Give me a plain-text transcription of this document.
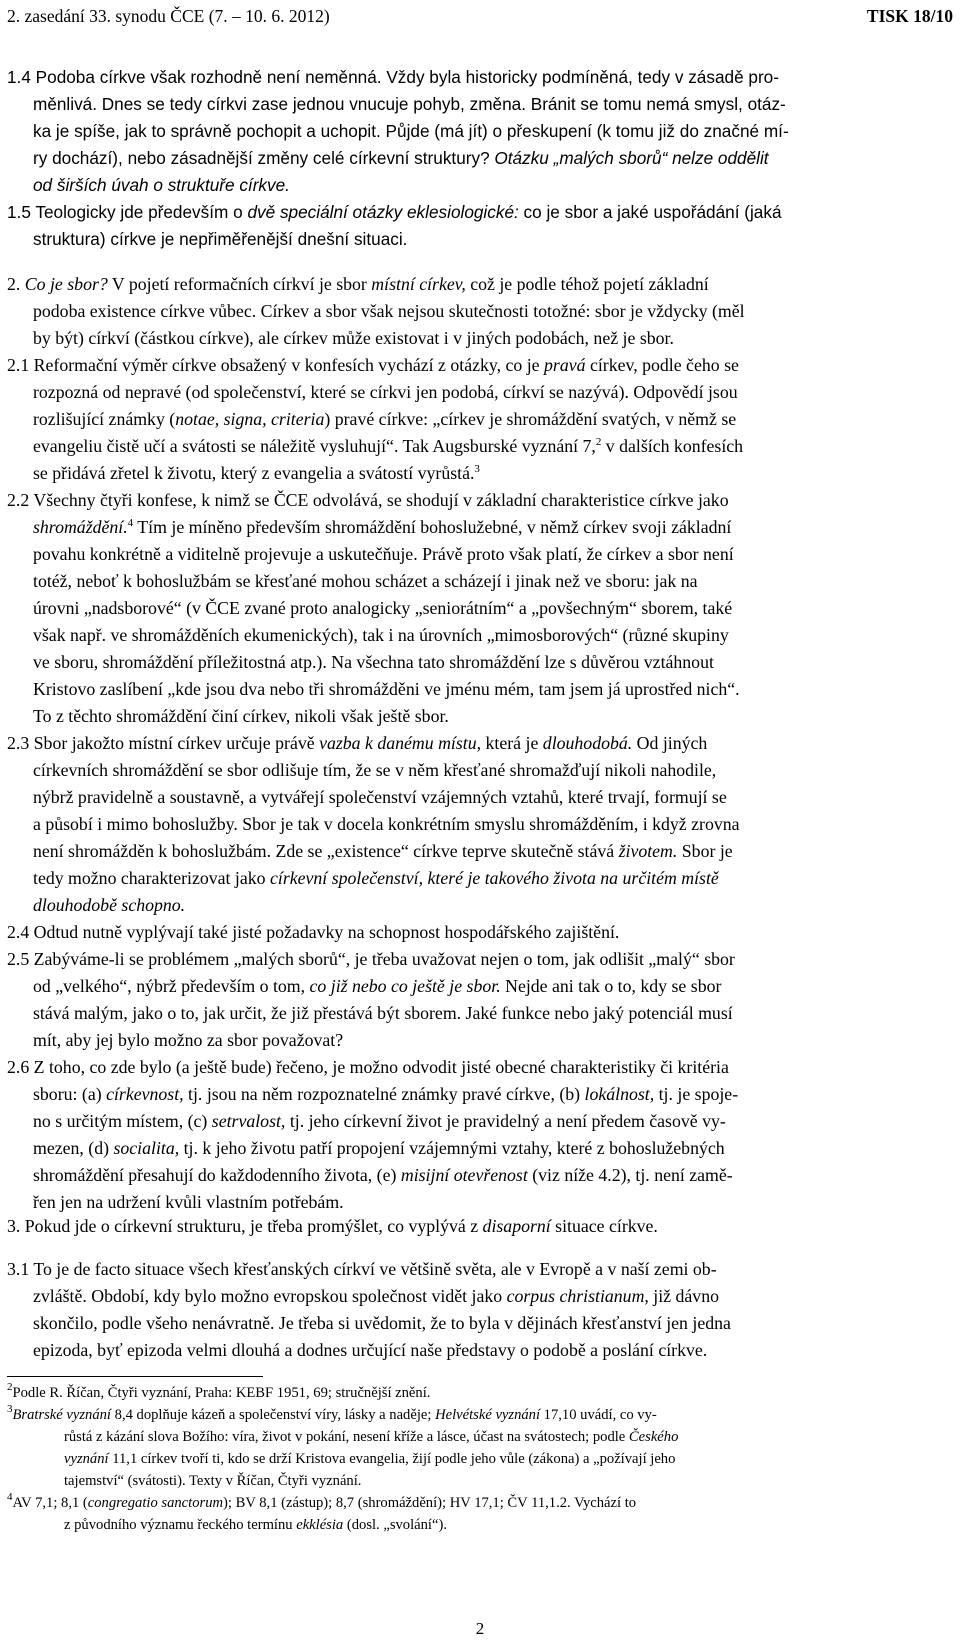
2. zasedání 33. synodu ČCE (7. – 10. 6. 2012)	TISK 18/10
1.4 Podoba církve však rozhodně není neměnná. Vždy byla historicky podmíněná, tedy v zásadě pro-
měnlivá. Dnes se tedy církvi zase jednou vnucuje pohyb, změna. Bránit se tomu nemá smysl, otáz-
ka je spíše, jak to správně pochopit a uchopit. Půjde (má jít) o přeskupení (k tomu již do značné mí-
ry dochází), nebo zásadnější změny celé církevní struktury? Otázku „malých sborů“ nelze oddělit
od širších úvah o struktuře církve.
1.5 Teologicky jde především o dvě speciální otázky eklesiologické: co je sbor a jaké uspořádání (jaká
struktura) církve je nepřiměřenější dnešní situaci.
2. Co je sbor? V pojetí reformačních církví je sbor místní církev, což je podle téhož pojetí základní
podoba existence církve vůbec. Církev a sbor však nejsou skutečnosti totožné: sbor je vždycky (měl
by být) církví (částkou církve), ale církev může existovat i v jiných podobách, než je sbor.
2.1 Reformační výměr církve obsažený v konfesích vychází z otázky, co je pravá církev, podle čeho se
rozpozná od nepravé (od společenství, které se církvi jen podobá, církví se nazývá). Odpovědí jsou
rozlišující známky (notae, signa, criteria) pravé církve: „církev je shromáždění svatých, v němž se
evangeliu čistě učí a svátosti se náležitě vysluhují“. Tak Augsburské vyznání 7,$^2$ v dalších konfesích
se přidává zřetel k životu, který z evangelia a svátostí vyrůstá.$^3$
2.2 Všechny čtyři konfese, k nimž se ČCE odvolává, se shodují v základní charakteristice církve jako
shromáždění.$^4$ Tím je míněno především shromáždění bohoslužebné, v němž církev svoji základní
povahu konkrétně a viditelně projevuje a uskutečňuje. Právě proto však platí, že církev a sbor není
totéž, neboť k bohoslužbám se křesťané mohou scházet a scházejí i jinak než ve sboru: jak na
úrovni „nadsborové“ (v ČCE zvané proto analogicky „seniorátním“ a „povšechným“ sborem, také
však např. ve shromážděních ekumenických), tak i na úrovních „mimosborových“ (různé skupiny
ve sboru, shromáždění příležitostná atp.). Na všechna tato shromáždění lze s důvěrou vztáhnout
Kristovo zaslíbení „kde jsou dva nebo tři shromážděni ve jménu mém, tam jsem já uprostřed nich“.
To z těchto shromáždění činí církev, nikoli však ještě sbor.
2.3 Sbor jakožto místní církev určuje právě vazba k danému místu, která je dlouhodobá. Od jiných
církevních shromáždění se sbor odlišuje tím, že se v něm křesťané shromažďují nikoli nahodile,
nýbrž pravidelně a soustavně, a vytvářejí společenství vzájemných vztahů, které trvají, formují se
a působí i mimo bohoslužby. Sbor je tak v docela konkrétním smyslu shromážděním, i když zrovna
není shromážděn k bohoslužbám. Zde se „existence“ církve teprve skutečně stává životem. Sbor je
tedy možno charakterizovat jako církevní společenství, které je takového života na určitém místě
dlouhodobě schopno.
2.4 Odtud nutně vyplývají také jisté požadavky na schopnost hospodářského zajištění.
2.5 Zabýváme-li se problémem „malých sborů“, je třeba uvažovat nejen o tom, jak odlišit „malý“ sbor
od „velkého“, nýbrž především o tom, co již nebo co ještě je sbor. Nejde ani tak o to, kdy se sbor
stává malým, jako o to, jak určit, že již přestává být sborem. Jaké funkce nebo jaký potenciál musí
mít, aby jej bylo možno za sbor považovat?
2.6 Z toho, co zde bylo (a ještě bude) řečeno, je možno odvodit jisté obecné charakteristiky či kritéria
sboru: (a) církevnost, tj. jsou na něm rozpoznatelné známky pravé církve, (b) lokálnost, tj. je spoje-
no s určitým místem, (c) setrvalost, tj. jeho církevní život je pravidelný a není předem časově vy-
mezen, (d) socialita, tj. k jeho životu patří propojení vzájemnými vztahy, které z bohoslužebných
shromáždění přesahují do každodenního života, (e) misijní otevřenost (viz níže 4.2), tj. není zamě-
řen jen na udržení kvůli vlastním potřebám.
3. Pokud jde o církevní strukturu, je třeba promýšlet, co vyplývá z disaporní situace církve.
3.1 To je de facto situace všech křesťanských církví ve většině světa, ale v Evropě a v naší zemi ob-
zvláště. Období, kdy bylo možno evropskou společnost vidět jako corpus christianum, již dávno
skončilo, podle všeho nenávratně. Je třeba si uvědomit, že to byla v dějinách křesťanství jen jedna
epizoda, byť epizoda velmi dlouhá a dodnes určující naše představy o podobě a poslání církve.
$^2$Podle R. Říčan, Čtyři vyznání, Praha: KEBF 1951, 69; stručnější znění.
$^3$Bratrské vyznání 8,4 doplňuje kázeň a společenství víry, lásky a naděje; Helvétské vyznání 17,10 uvádí, co vy-
růstá z kázání slova Božího: víra, život v pokání, nesení kříže a lásce, účast na svátostech; podle Českého
vyznání 11,1 církev tvoří ti, kdo se drží Kristova evangelia, žijí podle jeho vůle (zákona) a „požívají jeho
tajemství“ (svátosti). Texty v Říčan, Čtyři vyznání.
$^4$AV 7,1; 8,1 (congregatio sanctorum); BV 8,1 (zástup); 8,7 (shromáždění); HV 17,1; ČV 11,1.2. Vychází to
z původního významu řeckého termínu ekklésia (dosl. „svolání“).
2
